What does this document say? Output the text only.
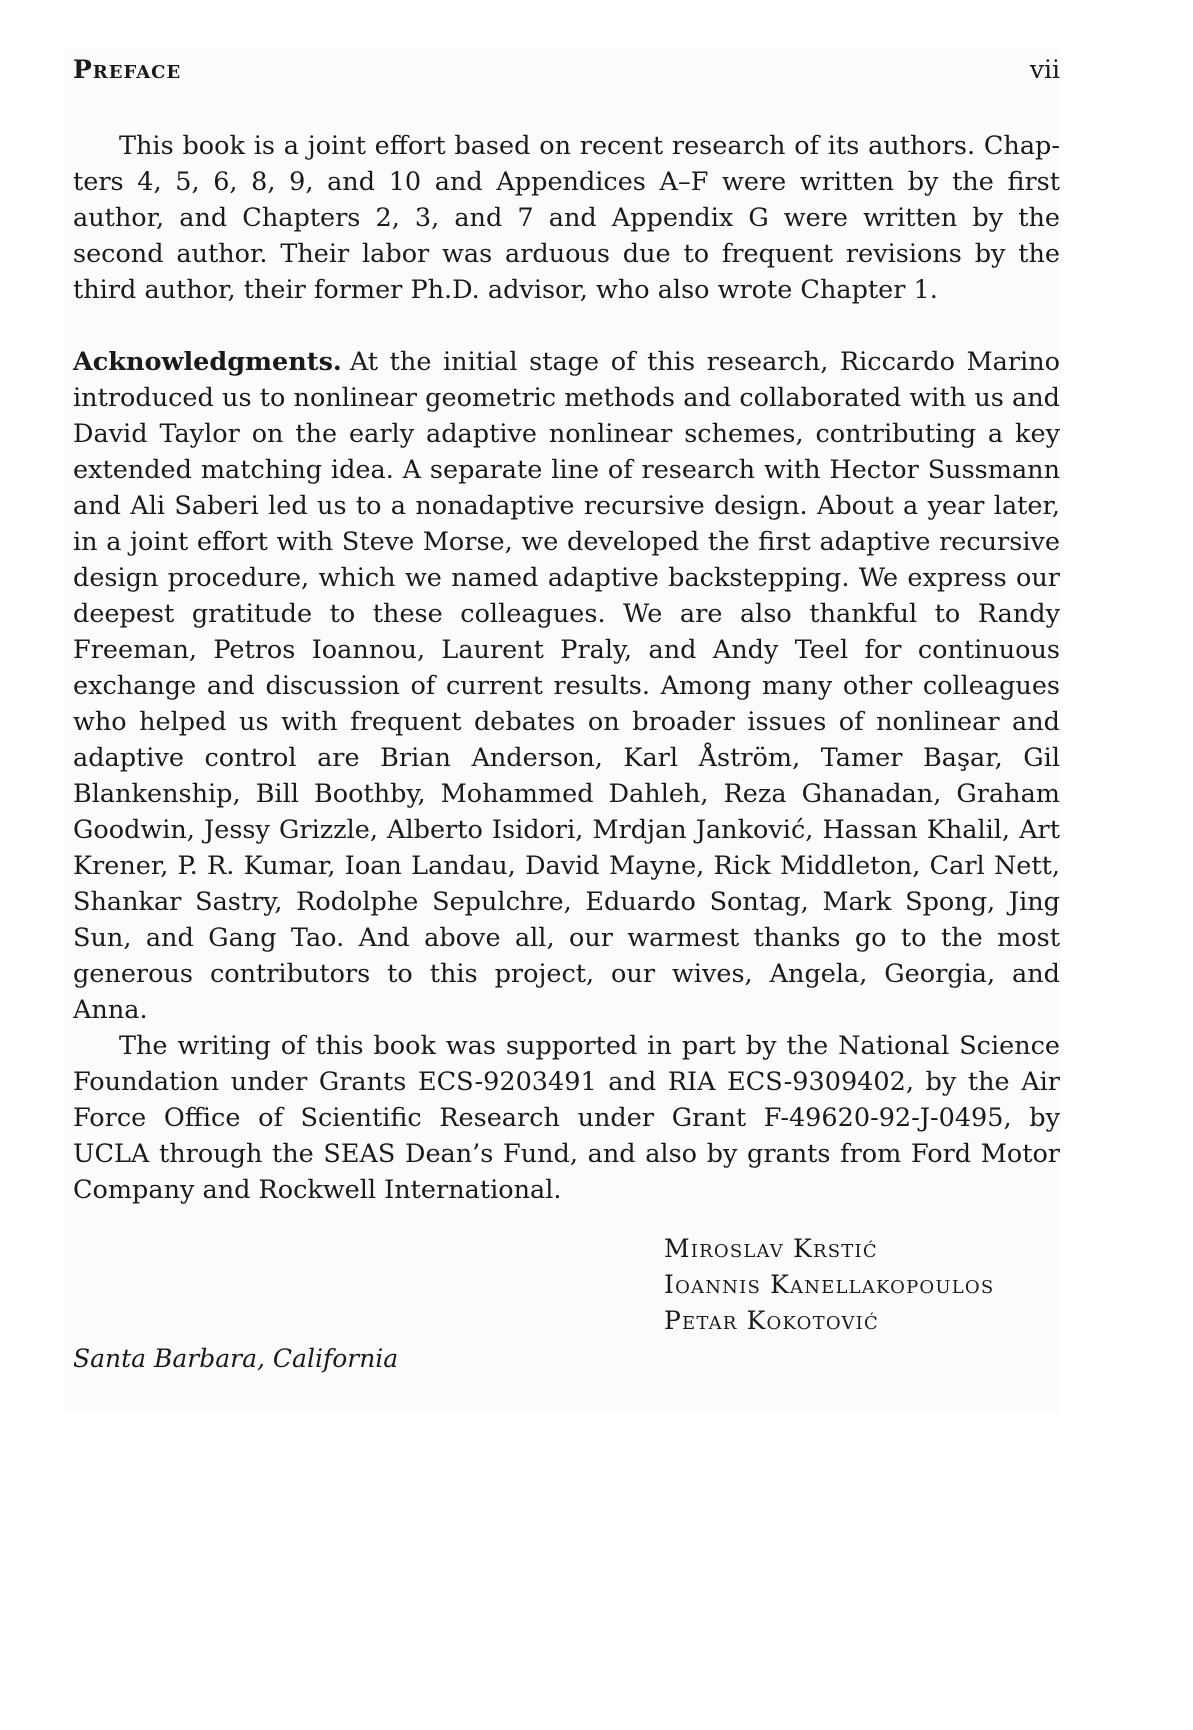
Preface	vii

This book is a joint effort based on recent research of its authors. Chapters 4, 5, 6, 8, 9, and 10 and Appendices A–F were written by the first author, and Chapters 2, 3, and 7 and Appendix G were written by the second author. Their labor was arduous due to frequent revisions by the third author, their former Ph.D. advisor, who also wrote Chapter 1.

Acknowledgments. At the initial stage of this research, Riccardo Marino introduced us to nonlinear geometric methods and collaborated with us and David Taylor on the early adaptive nonlinear schemes, contributing a key extended matching idea. A separate line of research with Hector Sussmann and Ali Saberi led us to a nonadaptive recursive design. About a year later, in a joint effort with Steve Morse, we developed the first adaptive recursive design procedure, which we named adaptive backstepping. We express our deepest gratitude to these colleagues. We are also thankful to Randy Freeman, Petros Ioannou, Laurent Praly, and Andy Teel for continuous exchange and discussion of current results. Among many other colleagues who helped us with frequent debates on broader issues of nonlinear and adaptive control are Brian Anderson, Karl Åström, Tamer Başar, Gil Blankenship, Bill Boothby, Mohammed Dahleh, Reza Ghanadan, Graham Goodwin, Jessy Grizzle, Alberto Isidori, Mrdjan Janković, Hassan Khalil, Art Krener, P. R. Kumar, Ioan Landau, David Mayne, Rick Middleton, Carl Nett, Shankar Sastry, Rodolphe Sepulchre, Eduardo Sontag, Mark Spong, Jing Sun, and Gang Tao. And above all, our warmest thanks go to the most generous contributors to this project, our wives, Angela, Georgia, and Anna.

The writing of this book was supported in part by the National Science Foundation under Grants ECS-9203491 and RIA ECS-9309402, by the Air Force Office of Scientific Research under Grant F-49620-92-J-0495, by UCLA through the SEAS Dean’s Fund, and also by grants from Ford Motor Company and Rockwell International.

Miroslav Krstić
Ioannis Kanellakopoulos
Petar Kokotović
Santa Barbara, California
